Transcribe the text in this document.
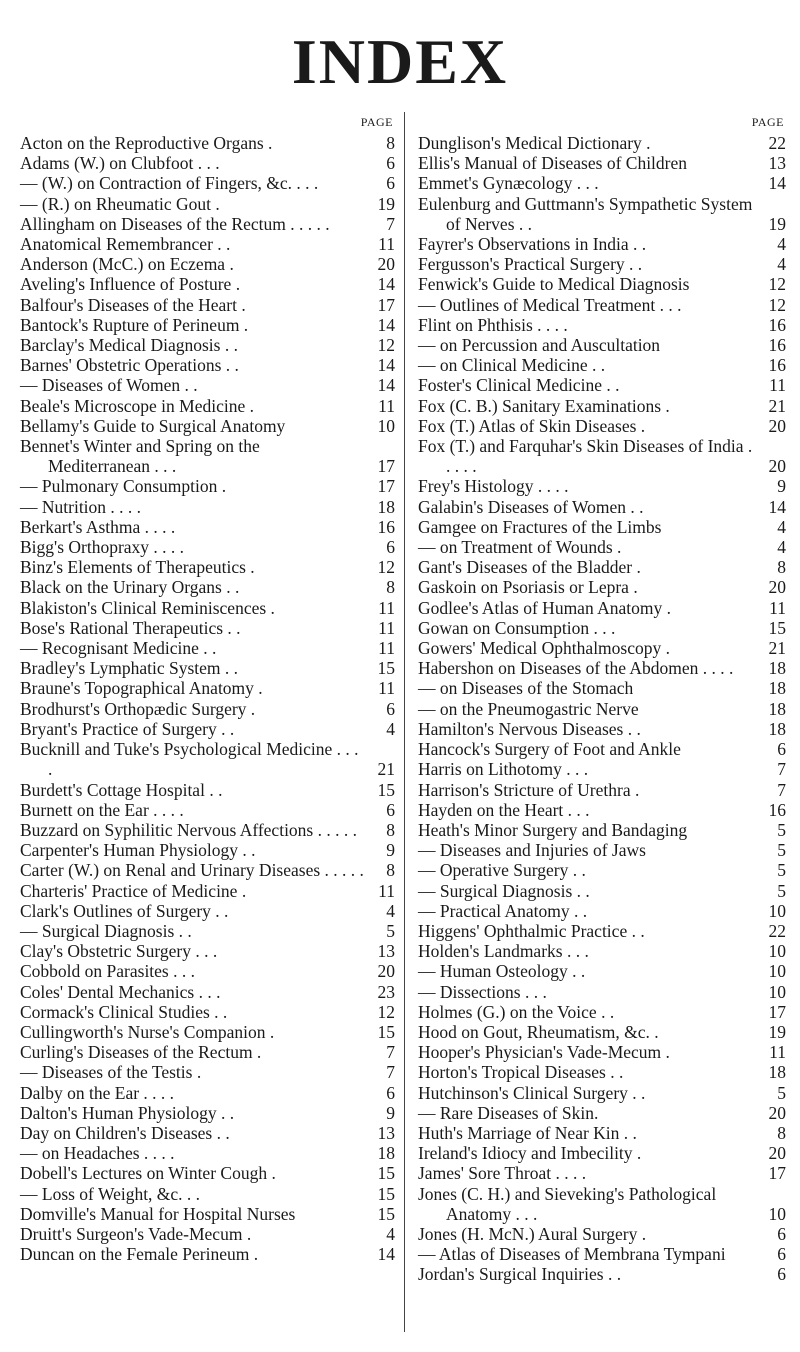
INDEX
PAGE
Acton on the Reproductive Organs .	8
Adams (W.) on Clubfoot . . .	6
— (W.) on Contraction of Fingers, &c. . . .	6
— (R.) on Rheumatic Gout .	19
Allingham on Diseases of the Rectum . . . . .	7
Anatomical Remembrancer . .	11
Anderson (McC.) on Eczema .	20
Aveling's Influence of Posture .	14
Balfour's Diseases of the Heart .	17
Bantock's Rupture of Perineum .	14
Barclay's Medical Diagnosis . .	12
Barnes' Obstetric Operations . .	14
— Diseases of Women . .	14
Beale's Microscope in Medicine .	11
Bellamy's Guide to Surgical Anatomy	10
Bennet's Winter and Spring on the Mediterranean . . .	17
— Pulmonary Consumption .	17
— Nutrition . . . .	18
Berkart's Asthma . . . .	16
Bigg's Orthopraxy . . . .	6
Binz's Elements of Therapeutics .	12
Black on the Urinary Organs . .	8
Blakiston's Clinical Reminiscences .	11
Bose's Rational Therapeutics . .	11
— Recognisant Medicine . .	11
Bradley's Lymphatic System . .	15
Braune's Topographical Anatomy .	11
Brodhurst's Orthopædic Surgery .	6
Bryant's Practice of Surgery . .	4
Bucknill and Tuke's Psychological Medicine . . . .	21
Burdett's Cottage Hospital . .	15
Burnett on the Ear . . . .	6
Buzzard on Syphilitic Nervous Affections . . . . .	8
Carpenter's Human Physiology . .	9
Carter (W.) on Renal and Urinary Diseases . . . . .	8
Charteris' Practice of Medicine .	11
Clark's Outlines of Surgery . .	4
— Surgical Diagnosis . .	5
Clay's Obstetric Surgery . . .	13
Cobbold on Parasites . . .	20
Coles' Dental Mechanics . . .	23
Cormack's Clinical Studies . .	12
Cullingworth's Nurse's Companion .	15
Curling's Diseases of the Rectum .	7
— Diseases of the Testis .	7
Dalby on the Ear . . . .	6
Dalton's Human Physiology . .	9
Day on Children's Diseases . .	13
— on Headaches . . . .	18
Dobell's Lectures on Winter Cough .	15
— Loss of Weight, &c. . .	15
Domville's Manual for Hospital Nurses	15
Druitt's Surgeon's Vade-Mecum .	4
Duncan on the Female Perineum .	14
PAGE
Dunglison's Medical Dictionary .	22
Ellis's Manual of Diseases of Children	13
Emmet's Gynæcology . . .	14
Eulenburg and Guttmann's Sympathetic System of Nerves . .	19
Fayrer's Observations in India . .	4
Fergusson's Practical Surgery . .	4
Fenwick's Guide to Medical Diagnosis	12
— Outlines of Medical Treatment . . .	12
Flint on Phthisis . . . .	16
— on Percussion and Auscultation	16
— on Clinical Medicine . .	16
Foster's Clinical Medicine . .	11
Fox (C. B.) Sanitary Examinations .	21
Fox (T.) Atlas of Skin Diseases .	20
Fox (T.) and Farquhar's Skin Diseases of India . . . . .	20
Frey's Histology . . . .	9
Galabin's Diseases of Women . .	14
Gamgee on Fractures of the Limbs	4
— on Treatment of Wounds .	4
Gant's Diseases of the Bladder .	8
Gaskoin on Psoriasis or Lepra .	20
Godlee's Atlas of Human Anatomy .	11
Gowan on Consumption . . .	15
Gowers' Medical Ophthalmoscopy .	21
Habershon on Diseases of the Abdomen . . . .	18
— on Diseases of the Stomach	18
— on the Pneumogastric Nerve	18
Hamilton's Nervous Diseases . .	18
Hancock's Surgery of Foot and Ankle	6
Harris on Lithotomy . . .	7
Harrison's Stricture of Urethra .	7
Hayden on the Heart . . .	16
Heath's Minor Surgery and Bandaging	5
— Diseases and Injuries of Jaws	5
— Operative Surgery . .	5
— Surgical Diagnosis . .	5
— Practical Anatomy . .	10
Higgens' Ophthalmic Practice . .	22
Holden's Landmarks . . .	10
— Human Osteology . .	10
— Dissections . . .	10
Holmes (G.) on the Voice . .	17
Hood on Gout, Rheumatism, &c. .	19
Hooper's Physician's Vade-Mecum .	11
Horton's Tropical Diseases . .	18
Hutchinson's Clinical Surgery . .	5
— Rare Diseases of Skin.	20
Huth's Marriage of Near Kin . .	8
Ireland's Idiocy and Imbecility .	20
James' Sore Throat . . . .	17
Jones (C. H.) and Sieveking's Pathological Anatomy . . .	10
Jones (H. McN.) Aural Surgery .	6
— Atlas of Diseases of Membrana Tympani	6
Jordan's Surgical Inquiries . .	6
